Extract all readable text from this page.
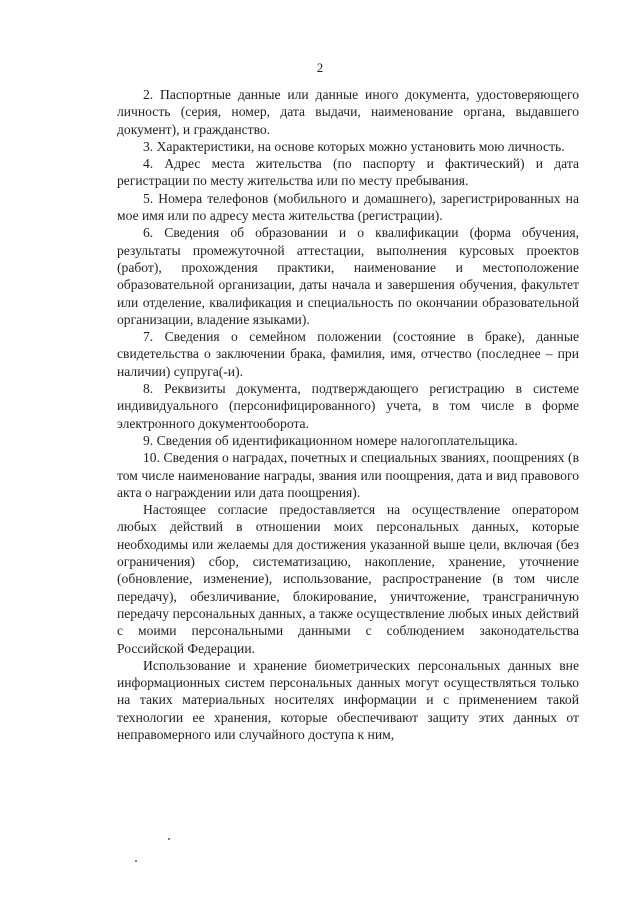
2

2. Паспортные данные или данные иного документа, удостоверяющего личность (серия, номер, дата выдачи, наименование органа, выдавшего документ), и гражданство.

3. Характеристики, на основе которых можно установить мою личность.

4. Адрес места жительства (по паспорту и фактический) и дата регистрации по месту жительства или по месту пребывания.

5. Номера телефонов (мобильного и домашнего), зарегистрированных на мое имя или по адресу места жительства (регистрации).

6. Сведения об образовании и о квалификации (форма обучения, результаты промежуточной аттестации, выполнения курсовых проектов (работ), прохождения практики, наименование и местоположение образовательной организации, даты начала и завершения обучения, факультет или отделение, квалификация и специальность по окончании образовательной организации, владение языками).

7. Сведения о семейном положении (состояние в браке), данные свидетельства о заключении брака, фамилия, имя, отчество (последнее – при наличии) супруга(-и).

8. Реквизиты документа, подтверждающего регистрацию в системе индивидуального (персонифицированного) учета, в том числе в форме электронного документооборота.

9. Сведения об идентификационном номере налогоплательщика.

10. Сведения о наградах, почетных и специальных званиях, поощрениях (в том числе наименование награды, звания или поощрения, дата и вид правового акта о награждении или дата поощрения).

Настоящее согласие предоставляется на осуществление оператором любых действий в отношении моих персональных данных, которые необходимы или желаемы для достижения указанной выше цели, включая (без ограничения) сбор, систематизацию, накопление, хранение, уточнение (обновление, изменение), использование, распространение (в том числе передачу), обезличивание, блокирование, уничтожение, трансграничную передачу персональных данных, а также осуществление любых иных действий с моими персональными данными с соблюдением законодательства Российской Федерации.

Использование и хранение биометрических персональных данных вне информационных систем персональных данных могут осуществляться только на таких материальных носителях информации и с применением такой технологии ее хранения, которые обеспечивают защиту этих данных от неправомерного или случайного доступа к ним,
